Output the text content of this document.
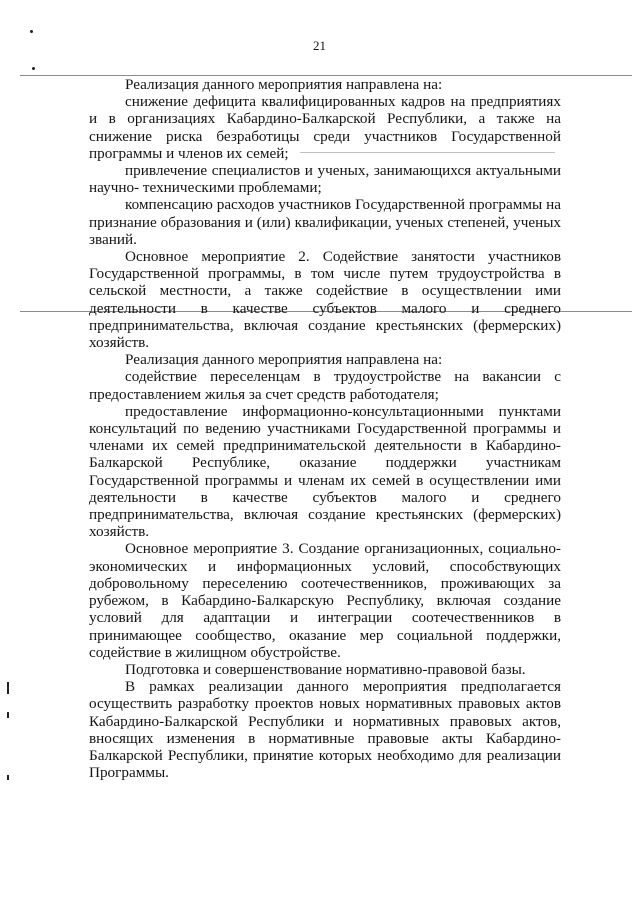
21

Реализация данного мероприятия направлена на:

снижение дефицита квалифицированных кадров на предприятиях и в организациях Кабардино-Балкарской Республики, а также на снижение риска безработицы среди участников Государственной программы и членов их семей;

привлечение специалистов и ученых, занимающихся актуальными научно- техническими проблемами;

компенсацию расходов участников Государственной программы на признание образования и (или) квалификации, ученых степеней, ученых званий.

Основное мероприятие 2. Содействие занятости участников Государственной программы, в том числе путем трудоустройства в сельской местности, а также содействие в осуществлении ими деятельности в качестве субъектов малого и среднего предпринимательства, включая создание крестьянских (фермерских) хозяйств.

Реализация данного мероприятия направлена на:

содействие переселенцам в трудоустройстве на вакансии с предоставлением жилья за счет средств работодателя;

предоставление информационно-консультационными пунктами консультаций по ведению участниками Государственной программы и членами их семей предпринимательской деятельности в Кабардино-Балкарской Республике, оказание поддержки участникам Государственной программы и членам их семей в осуществлении ими деятельности в качестве субъектов малого и среднего предпринимательства, включая создание крестьянских (фермерских) хозяйств.

Основное мероприятие 3. Создание организационных, социально-экономических и информационных условий, способствующих добровольному переселению соотечественников, проживающих за рубежом, в Кабардино-Балкарскую Республику, включая создание условий для адаптации и интеграции соотечественников в принимающее сообщество, оказание мер социальной поддержки, содействие в жилищном обустройстве.

Подготовка и совершенствование нормативно-правовой базы.

В рамках реализации данного мероприятия предполагается осуществить разработку проектов новых нормативных правовых актов Кабардино-Балкарской Республики и нормативных правовых актов, вносящих изменения в нормативные правовые акты Кабардино-Балкарской Республики, принятие которых необходимо для реализации Программы.
